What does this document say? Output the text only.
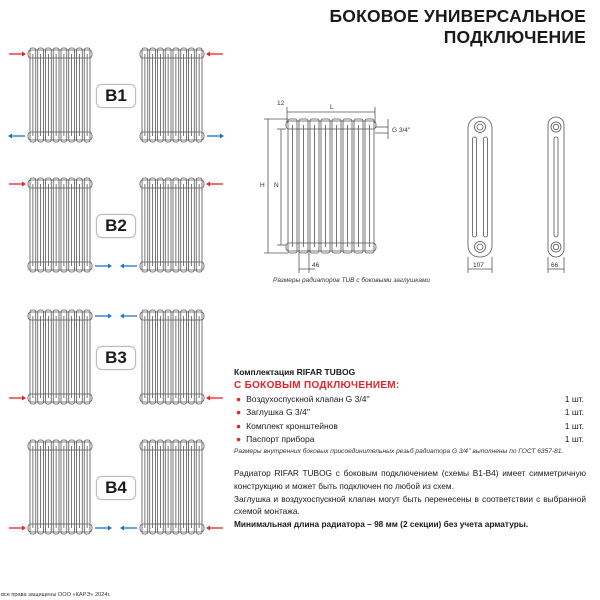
БОКОВОЕ УНИВЕРСАЛЬНОЕ
ПОДКЛЮЧЕНИЕ
B1
B2
B3
B4
12
L
G 3/4''
H N
46	107	66
Размеры радиаторов TUB с боковыми заглушками
Комплектация RIFAR TUBOG
С БОКОВЫМ ПОДКЛЮЧЕНИЕМ:
● Воздухоспускной клапан G 3/4''	1 шт.
● Заглушка G 3/4''	1 шт.
● Комплект кронштейнов	1 шт.
● Паспорт прибора	1 шт.
Размеры внутренних боковых присоединительных резьб радиатора G 3/4'' выполнены по ГОСТ 6357-81.
Радиатор RIFAR TUBOG с боковым подключением (схемы B1-B4) имеет симметричную конструкцию и может быть подключен по любой из схем.
Заглушка и воздухоспускной клапан могут быть перенесены в соответствии с выбранной схемой монтажа.
Минимальная длина радиатора – 98 мм (2 секции) без учета арматуры.
все права защищены ООО «КАРЭ» 2024г.
